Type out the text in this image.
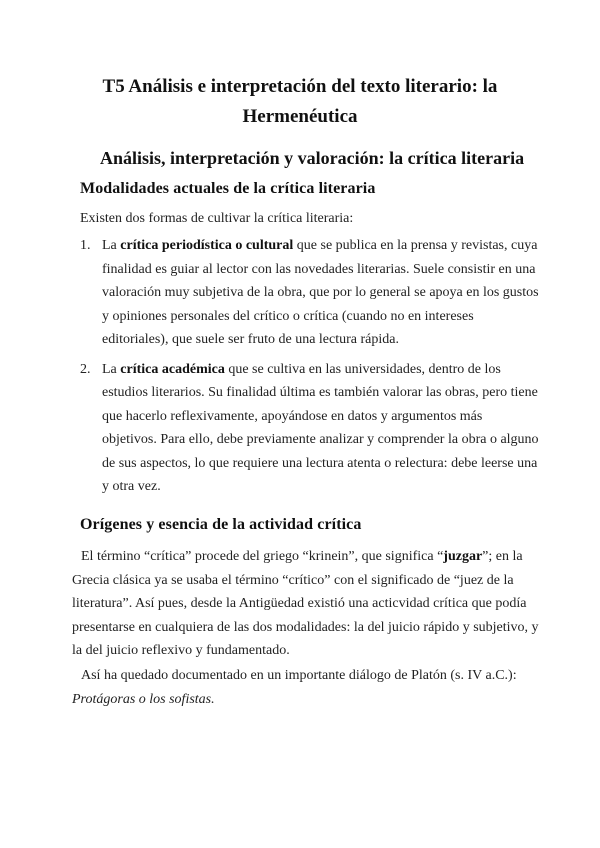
T5 Análisis e interpretación del texto literario: la Hermenéutica
Análisis, interpretación y valoración: la crítica literaria
Modalidades actuales de la crítica literaria
Existen dos formas de cultivar la crítica literaria:
1. La crítica periodística o cultural que se publica en la prensa y revistas, cuya finalidad es guiar al lector con las novedades literarias. Suele consistir en una valoración muy subjetiva de la obra, que por lo general se apoya en los gustos y opiniones personales del crítico o crítica (cuando no en intereses editoriales), que suele ser fruto de una lectura rápida.
2. La crítica académica que se cultiva en las universidades, dentro de los estudios literarios. Su finalidad última es también valorar las obras, pero tiene que hacerlo reflexivamente, apoyándose en datos y argumentos más objetivos. Para ello, debe previamente analizar y comprender la obra o alguno de sus aspectos, lo que requiere una lectura atenta o relectura: debe leerse una y otra vez.
Orígenes y esencia de la actividad crítica
El término “crítica” procede del griego “krinein”, que significa “juzgar”; en la Grecia clásica ya se usaba el término “crítico” con el significado de “juez de la literatura”. Así pues, desde la Antigüedad existió una acticvidad crítica que podía presentarse en cualquiera de las dos modalidades: la del juicio rápido y subjetivo, y la del juicio reflexivo y fundamentado.
Así ha quedado documentado en un importante diálogo de Platón (s. IV a.C.): Protágoras o los sofistas.
